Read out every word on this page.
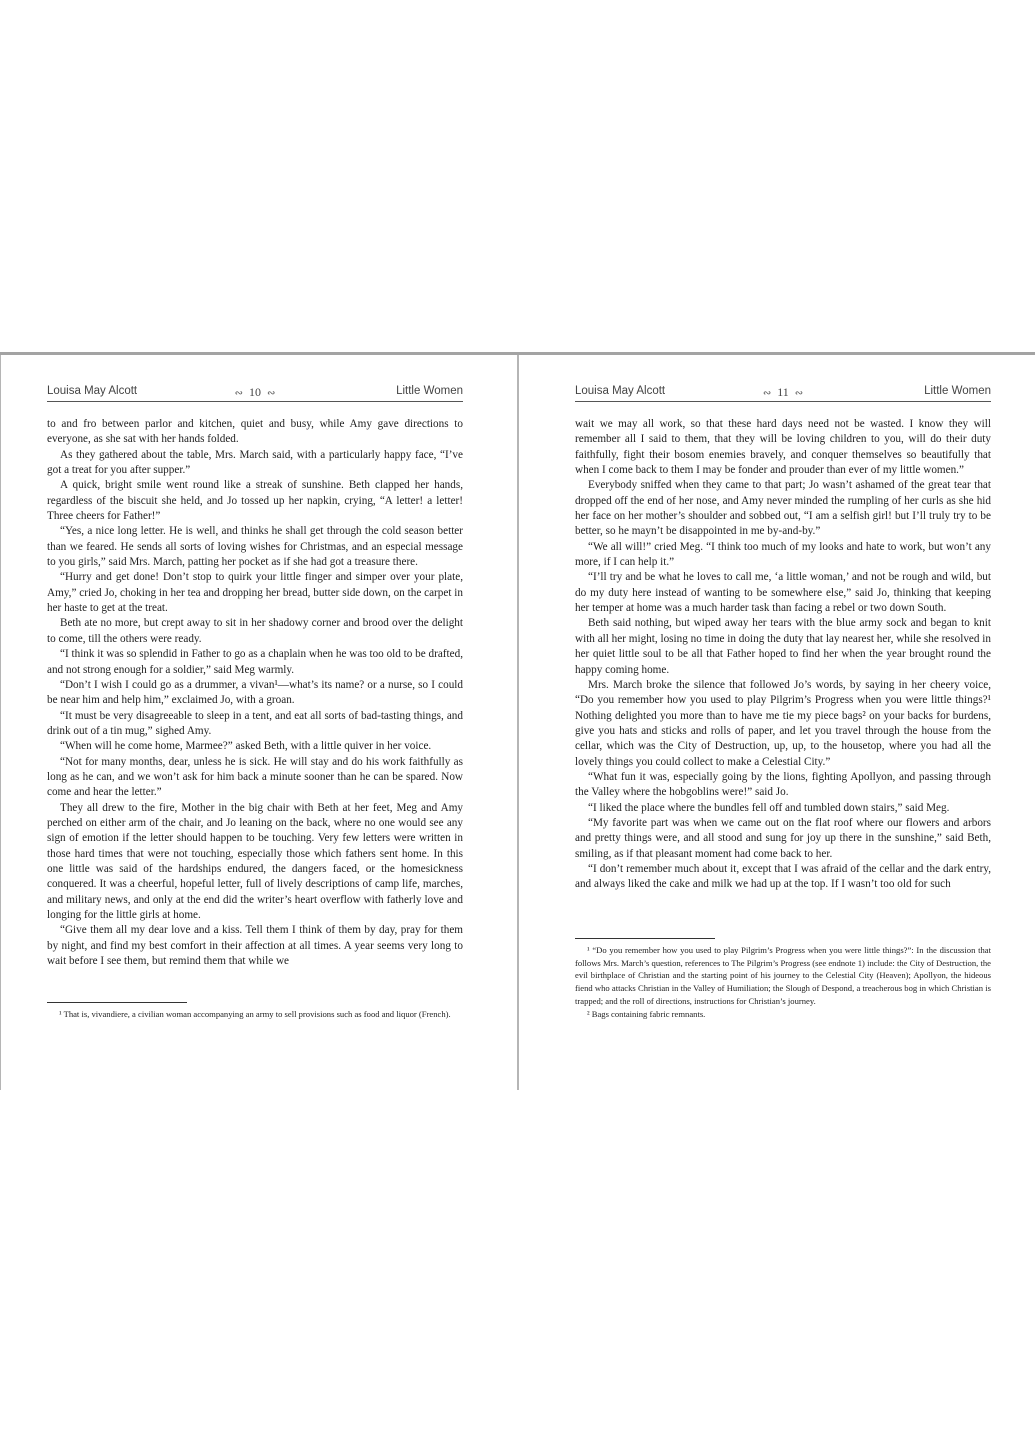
Louisa May Alcott	∾ 10 ∾	Little Women

to and fro between parlor and kitchen, quiet and busy, while Amy gave directions to everyone, as she sat with her hands folded.

As they gathered about the table, Mrs. March said, with a particularly happy face, “I’ve got a treat for you after supper.”

A quick, bright smile went round like a streak of sunshine. Beth clapped her hands, regardless of the biscuit she held, and Jo tossed up her napkin, crying, “A letter! a letter! Three cheers for Father!”

“Yes, a nice long letter. He is well, and thinks he shall get through the cold season better than we feared. He sends all sorts of loving wishes for Christmas, and an especial message to you girls,” said Mrs. March, patting her pocket as if she had got a treasure there.

“Hurry and get done! Don’t stop to quirk your little finger and simper over your plate, Amy,” cried Jo, choking in her tea and dropping her bread, butter side down, on the carpet in her haste to get at the treat.

Beth ate no more, but crept away to sit in her shadowy corner and brood over the delight to come, till the others were ready.

“I think it was so splendid in Father to go as a chaplain when he was too old to be drafted, and not strong enough for a soldier,” said Meg warmly.

“Don’t I wish I could go as a drummer, a vivan¹—what’s its name? or a nurse, so I could be near him and help him,” exclaimed Jo, with a groan.

“It must be very disagreeable to sleep in a tent, and eat all sorts of bad-tasting things, and drink out of a tin mug,” sighed Amy.

“When will he come home, Marmee?” asked Beth, with a little quiver in her voice.

“Not for many months, dear, unless he is sick. He will stay and do his work faithfully as long as he can, and we won’t ask for him back a minute sooner than he can be spared. Now come and hear the letter.”

They all drew to the fire, Mother in the big chair with Beth at her feet, Meg and Amy perched on either arm of the chair, and Jo leaning on the back, where no one would see any sign of emotion if the letter should happen to be touching. Very few letters were written in those hard times that were not touching, especially those which fathers sent home. In this one little was said of the hardships endured, the dangers faced, or the homesickness conquered. It was a cheerful, hopeful letter, full of lively descriptions of camp life, marches, and military news, and only at the end did the writer’s heart overflow with fatherly love and longing for the little girls at home.

“Give them all my dear love and a kiss. Tell them I think of them by day, pray for them by night, and find my best comfort in their affection at all times. A year seems very long to wait before I see them, but remind them that while we

¹ That is, vivandiere, a civilian woman accompanying an army to sell provisions such as food and liquor (French).

Louisa May Alcott	∾ 11 ∾	Little Women

wait we may all work, so that these hard days need not be wasted. I know they will remember all I said to them, that they will be loving children to you, will do their duty faithfully, fight their bosom enemies bravely, and conquer themselves so beautifully that when I come back to them I may be fonder and prouder than ever of my little women.”

Everybody sniffed when they came to that part; Jo wasn’t ashamed of the great tear that dropped off the end of her nose, and Amy never minded the rumpling of her curls as she hid her face on her mother’s shoulder and sobbed out, “I am a selfish girl! but I’ll truly try to be better, so he mayn’t be disappointed in me by-and-by.”

“We all will!” cried Meg. “I think too much of my looks and hate to work, but won’t any more, if I can help it.”

“I’ll try and be what he loves to call me, ‘a little woman,’ and not be rough and wild, but do my duty here instead of wanting to be somewhere else,” said Jo, thinking that keeping her temper at home was a much harder task than facing a rebel or two down South.

Beth said nothing, but wiped away her tears with the blue army sock and began to knit with all her might, losing no time in doing the duty that lay nearest her, while she resolved in her quiet little soul to be all that Father hoped to find her when the year brought round the happy coming home.

Mrs. March broke the silence that followed Jo’s words, by saying in her cheery voice, “Do you remember how you used to play Pilgrim’s Progress when you were little things?¹ Nothing delighted you more than to have me tie my piece bags² on your backs for burdens, give you hats and sticks and rolls of paper, and let you travel through the house from the cellar, which was the City of Destruction, up, up, to the housetop, where you had all the lovely things you could collect to make a Celestial City.”

“What fun it was, especially going by the lions, fighting Apollyon, and passing through the Valley where the hobgoblins were!” said Jo.

“I liked the place where the bundles fell off and tumbled down stairs,” said Meg.

“My favorite part was when we came out on the flat roof where our flowers and arbors and pretty things were, and all stood and sung for joy up there in the sunshine,” said Beth, smiling, as if that pleasant moment had come back to her.

“I don’t remember much about it, except that I was afraid of the cellar and the dark entry, and always liked the cake and milk we had up at the top. If I wasn’t too old for such

¹ “Do you remember how you used to play Pilgrim’s Progress when you were little things?”: In the discussion that follows Mrs. March’s question, references to The Pilgrim’s Progress (see endnote 1) include: the City of Destruction, the evil birthplace of Christian and the starting point of his journey to the Celestial City (Heaven); Apollyon, the hideous fiend who attacks Christian in the Valley of Humiliation; the Slough of Despond, a treacherous bog in which Christian is trapped; and the roll of directions, instructions for Christian’s journey.

² Bags containing fabric remnants.
